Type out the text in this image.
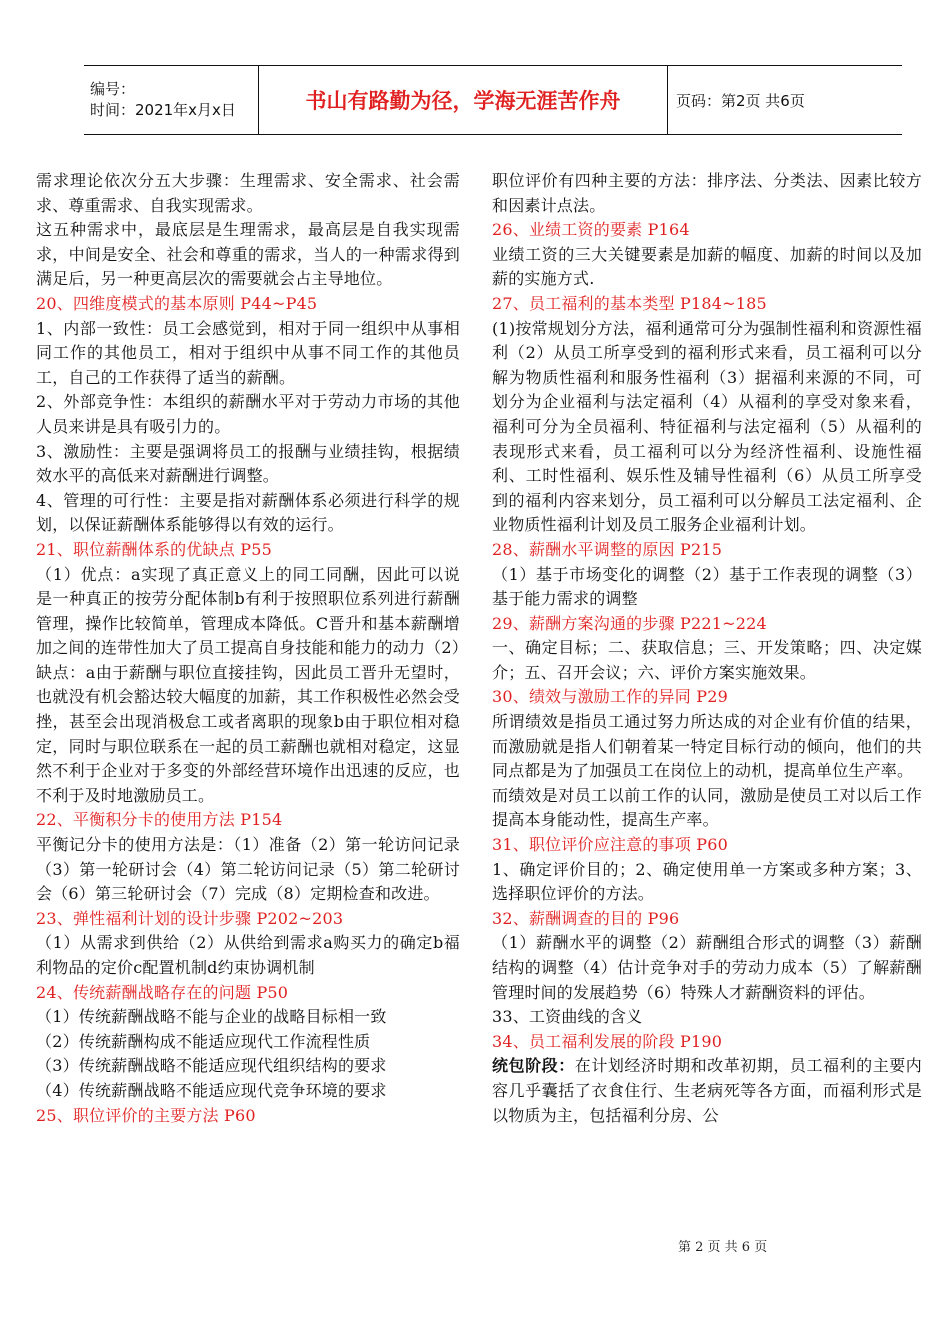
编号：
时间：2021年x月x日	书山有路勤为径，学海无涯苦作舟	页码：第2页 共6页

需求理论依次分五大步骤：生理需求、安全需求、社会需求、尊重需求、自我实现需求。

这五种需求中，最底层是生理需求，最高层是自我实现需求，中间是安全、社会和尊重的需求，当人的一种需求得到满足后，另一种更高层次的需要就会占主导地位。

20、四维度模式的基本原则 P44~P45

1、内部一致性：员工会感觉到，相对于同一组织中从事相同工作的其他员工，相对于组织中从事不同工作的其他员工，自己的工作获得了适当的薪酬。

2、外部竞争性：本组织的薪酬水平对于劳动力市场的其他人员来讲是具有吸引力的。

3、激励性：主要是强调将员工的报酬与业绩挂钩，根据绩效水平的高低来对薪酬进行调整。

4、管理的可行性：主要是指对薪酬体系必须进行科学的规划，以保证薪酬体系能够得以有效的运行。

21、职位薪酬体系的优缺点 P55

（1）优点：a实现了真正意义上的同工同酬，因此可以说是一种真正的按劳分配体制b有利于按照职位系列进行薪酬管理，操作比较简单，管理成本降低。C晋升和基本薪酬增加之间的连带性加大了员工提高自身技能和能力的动力（2）缺点：a由于薪酬与职位直接挂钩，因此员工晋升无望时，也就没有机会豁达较大幅度的加薪，其工作积极性必然会受挫，甚至会出现消极怠工或者离职的现象b由于职位相对稳定，同时与职位联系在一起的员工薪酬也就相对稳定，这显然不利于企业对于多变的外部经营环境作出迅速的反应，也不利于及时地激励员工。

22、平衡积分卡的使用方法 P154

平衡记分卡的使用方法是：（1）准备（2）第一轮访问记录（3）第一轮研讨会（4）第二轮访问记录（5）第二轮研讨会（6）第三轮研讨会（7）完成（8）定期检查和改进。

23、弹性福利计划的设计步骤 P202~203

（1）从需求到供给（2）从供给到需求a购买力的确定b福利物品的定价c配置机制d约束协调机制

24、传统薪酬战略存在的问题 P50

（1）传统薪酬战略不能与企业的战略目标相一致

（2）传统薪酬构成不能适应现代工作流程性质

（3）传统薪酬战略不能适应现代组织结构的要求

（4）传统薪酬战略不能适应现代竞争环境的要求

25、职位评价的主要方法 P60

职位评价有四种主要的方法：排序法、分类法、因素比较方和因素计点法。

26、业绩工资的要素 P164

业绩工资的三大关键要素是加薪的幅度、加薪的时间以及加薪的实施方式.

27、员工福利的基本类型 P184~185

(1)按常规划分方法，福利通常可分为强制性福利和资源性福利（2）从员工所享受到的福利形式来看，员工福利可以分解为物质性福利和服务性福利（3）据福利来源的不同，可划分为企业福利与法定福利（4）从福利的享受对象来看，福利可分为全员福利、特征福利与法定福利（5）从福利的表现形式来看，员工福利可以分为经济性福利、设施性福利、工时性福利、娱乐性及辅导性福利（6）从员工所享受到的福利内容来划分，员工福利可以分解员工法定福利、企业物质性福利计划及员工服务企业福利计划。

28、薪酬水平调整的原因 P215

（1）基于市场变化的调整（2）基于工作表现的调整（3）基于能力需求的调整

29、薪酬方案沟通的步骤 P221~224

一、确定目标；二、获取信息；三、开发策略；四、决定媒介；五、召开会议；六、评价方案实施效果。

30、绩效与激励工作的异同 P29

所谓绩效是指员工通过努力所达成的对企业有价值的结果，而激励就是指人们朝着某一特定目标行动的倾向，他们的共同点都是为了加强员工在岗位上的动机，提高单位生产率。

而绩效是对员工以前工作的认同，激励是使员工对以后工作提高本身能动性，提高生产率。

31、职位评价应注意的事项 P60

1、确定评价目的；2、确定使用单一方案或多种方案；3、选择职位评价的方法。

32、薪酬调查的目的 P96

（1）薪酬水平的调整（2）薪酬组合形式的调整（3）薪酬结构的调整（4）估计竞争对手的劳动力成本（5）了解薪酬管理时间的发展趋势（6）特殊人才薪酬资料的评估。

33、工资曲线的含义

34、员工福利发展的阶段 P190

统包阶段：在计划经济时期和改革初期，员工福利的主要内容几乎囊括了衣食住行、生老病死等各方面，而福利形式是以物质为主，包括福利分房、公

第 2 页 共 6 页
